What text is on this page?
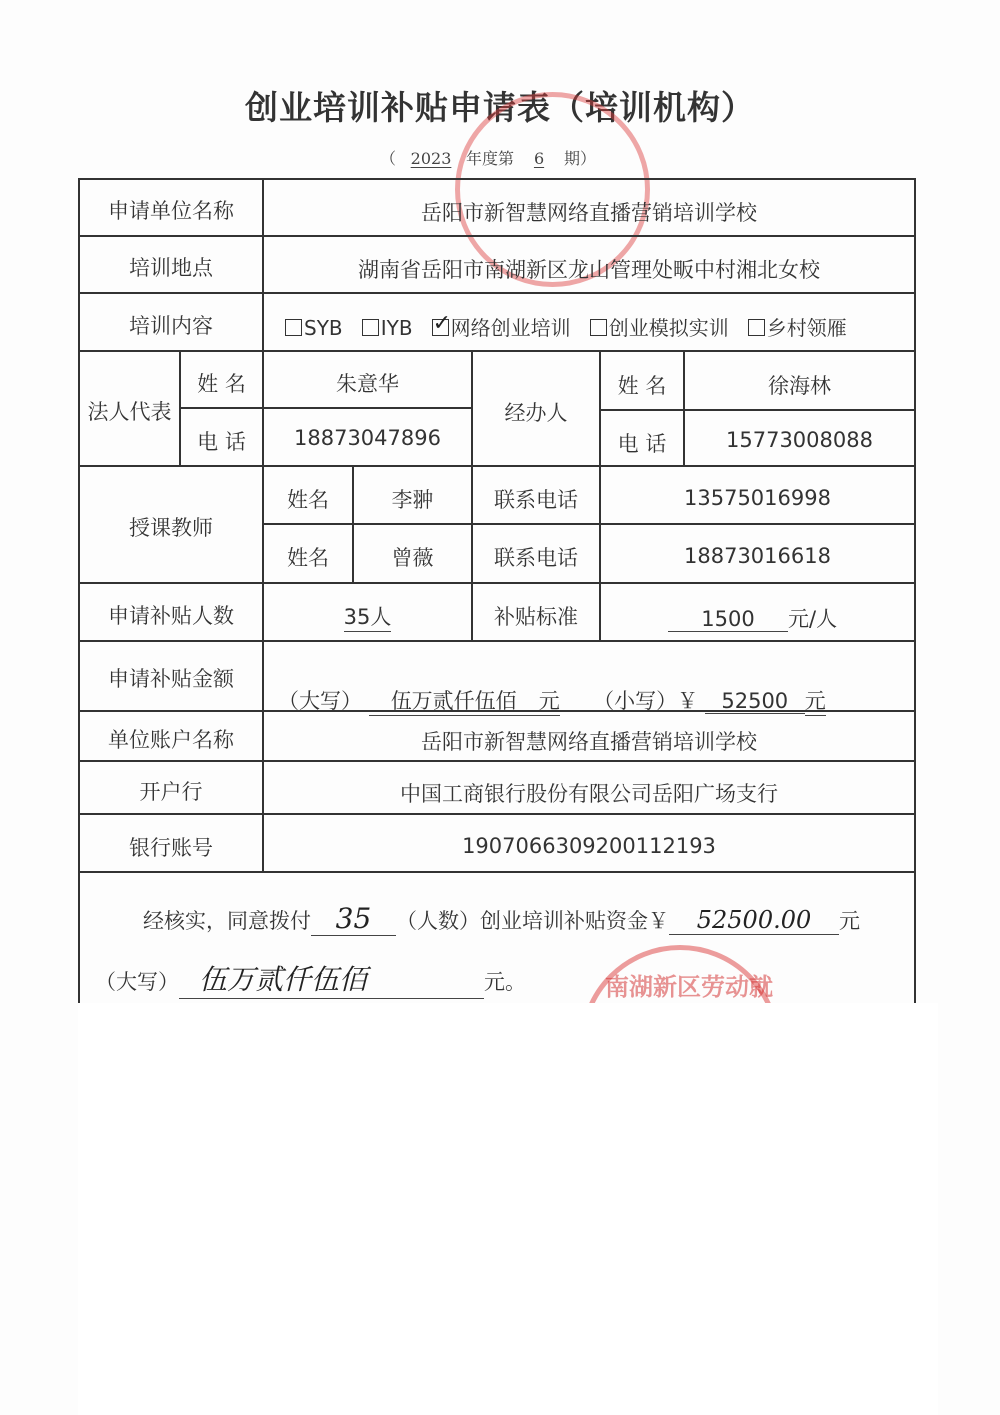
创业培训补贴申请表（培训机构）
（ 2023 年度第 6 期）
申请单位名称	岳阳市新智慧网络直播营销培训学校
培训地点	湖南省岳阳市南湖新区龙山管理处畈中村湘北女校
培训内容	SYB IYB ✓ 网络创业培训 创业模拟实训 乡村领雁
法人代表
姓 名	朱意华
电 话	18873047896
经办人
姓 名	徐海林
电 话	15773008088
授课教师
姓名	李翀	联系电话	13575016998
姓名	曾薇	联系电话	18873016618
申请补贴人数	35人	补贴标准	1500 元/人
申请补贴金额
（大写） 伍万贰仟伍佰 元 （小写）￥ 52500 元
单位账户名称	岳阳市新智慧网络直播营销培训学校
开户行	中国工商银行股份有限公司岳阳广场支行
银行账号	1907066309200112193
经核实，同意拨付 35 （人数）创业培训补贴资金￥ 52500.00 元
（大写） 伍万贰仟伍佰	元。	南湖新区劳动就
